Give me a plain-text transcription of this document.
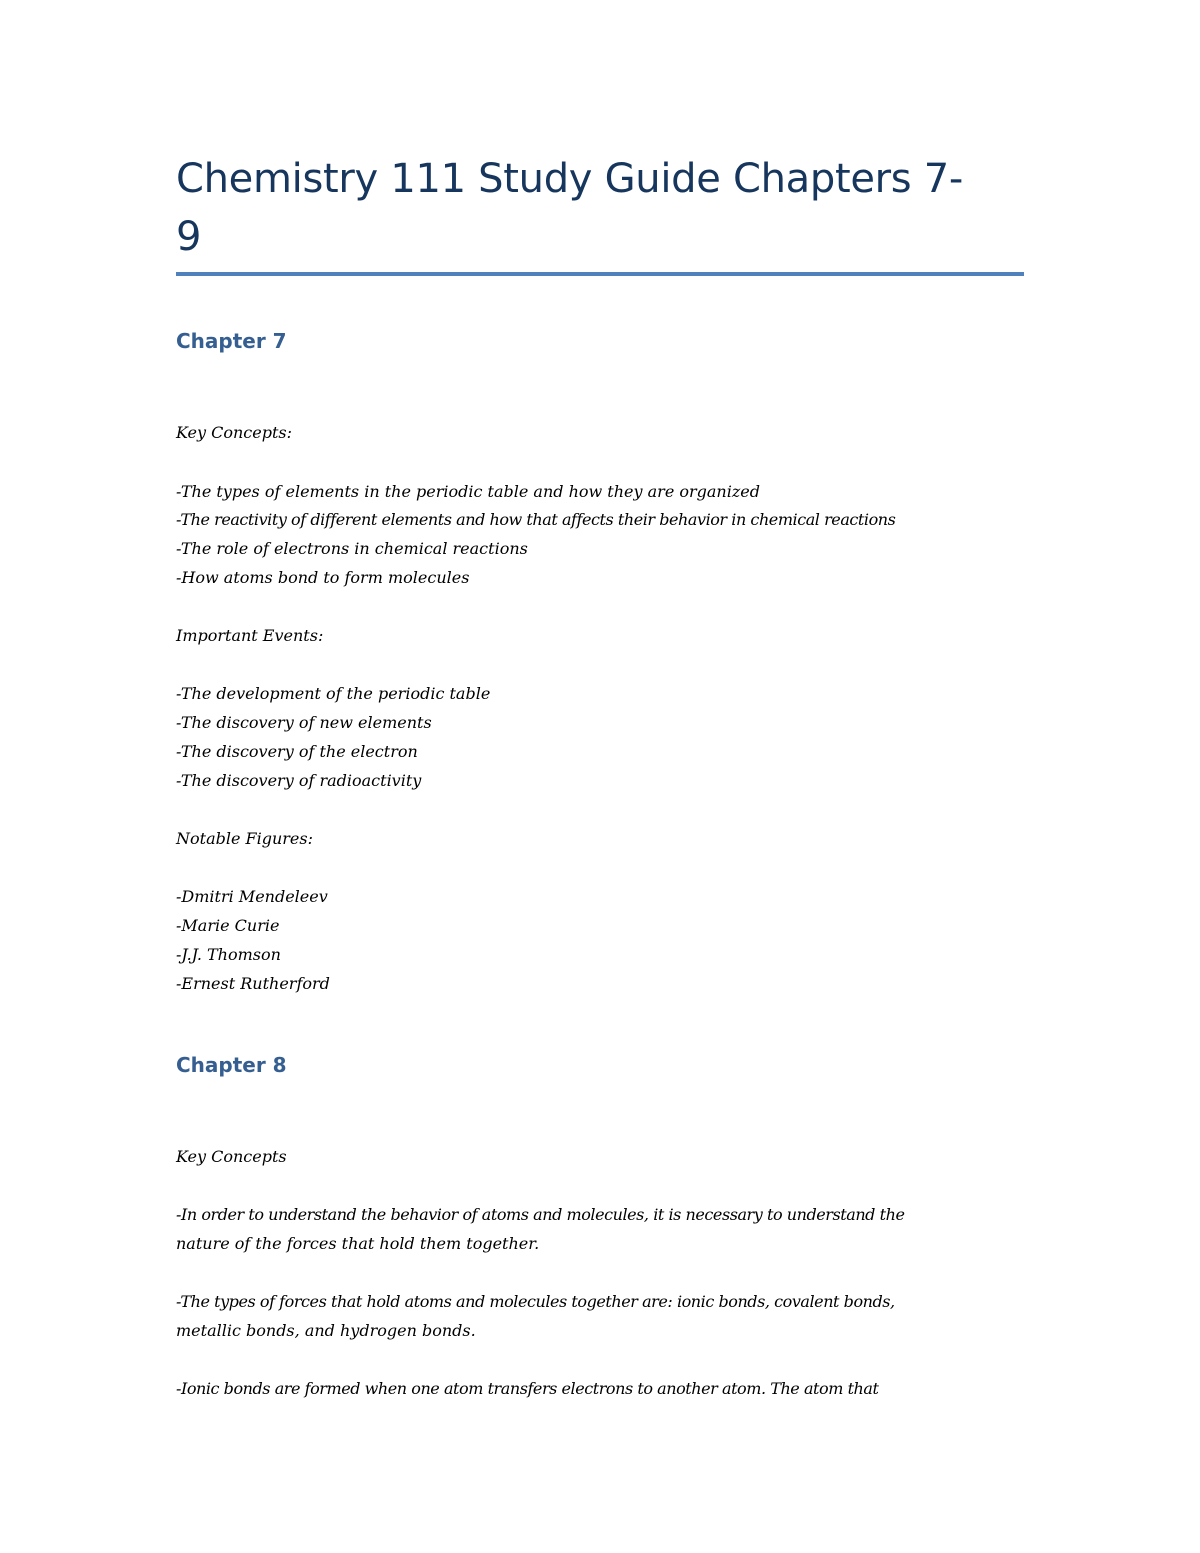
Chemistry 111 Study Guide Chapters 7-
9
Chapter 7

Key Concepts:

-The types of elements in the periodic table and how they are organized

-The reactivity of different elements and how that affects their behavior in chemical reactions

-The role of electrons in chemical reactions

-How atoms bond to form molecules

Important Events:

-The development of the periodic table

-The discovery of new elements

-The discovery of the electron

-The discovery of radioactivity

Notable Figures:

-Dmitri Mendeleev

-Marie Curie

-J.J. Thomson

-Ernest Rutherford

Chapter 8

Key Concepts

-In order to understand the behavior of atoms and molecules, it is necessary to understand the

nature of the forces that hold them together.

-The types of forces that hold atoms and molecules together are: ionic bonds, covalent bonds,

metallic bonds, and hydrogen bonds.

-Ionic bonds are formed when one atom transfers electrons to another atom. The atom that
